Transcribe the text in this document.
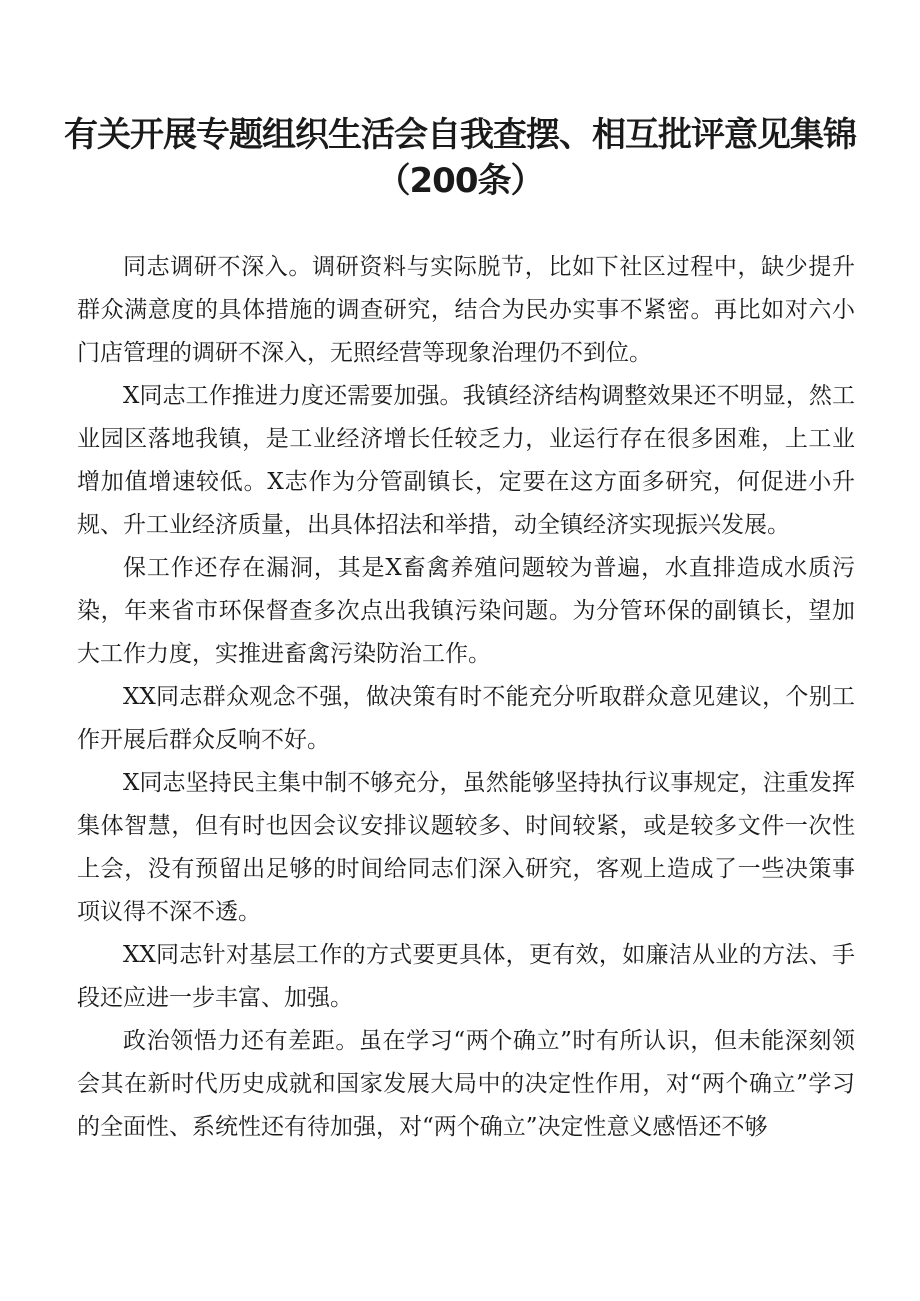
有关开展专题组织生活会自我查摆、相互批评意见集锦（200条）

同志调研不深入。调研资料与实际脱节，比如下社区过程中，缺少提升群众满意度的具体措施的调查研究，结合为民办实事不紧密。再比如对六小门店管理的调研不深入，无照经营等现象治理仍不到位。

X同志工作推进力度还需要加强。我镇经济结构调整效果还不明显，然工业园区落地我镇，是工业经济增长任较乏力，业运行存在很多困难，上工业增加值增速较低。X志作为分管副镇长，定要在这方面多研究，何促进小升规、升工业经济质量，出具体招法和举措，动全镇经济实现振兴发展。

保工作还存在漏洞，其是X畜禽养殖问题较为普遍，水直排造成水质污染，年来省市环保督查多次点出我镇污染问题。为分管环保的副镇长，望加大工作力度，实推进畜禽污染防治工作。

XX同志群众观念不强，做决策有时不能充分听取群众意见建议，个别工作开展后群众反响不好。

X同志坚持民主集中制不够充分，虽然能够坚持执行议事规定，注重发挥集体智慧，但有时也因会议安排议题较多、时间较紧，或是较多文件一次性上会，没有预留出足够的时间给同志们深入研究，客观上造成了一些决策事项议得不深不透。

XX同志针对基层工作的方式要更具体，更有效，如廉洁从业的方法、手段还应进一步丰富、加强。

政治领悟力还有差距。虽在学习“两个确立”时有所认识，但未能深刻领会其在新时代历史成就和国家发展大局中的决定性作用，对“两个确立”学习的全面性、系统性还有待加强，对“两个确立”决定性意义感悟还不够
